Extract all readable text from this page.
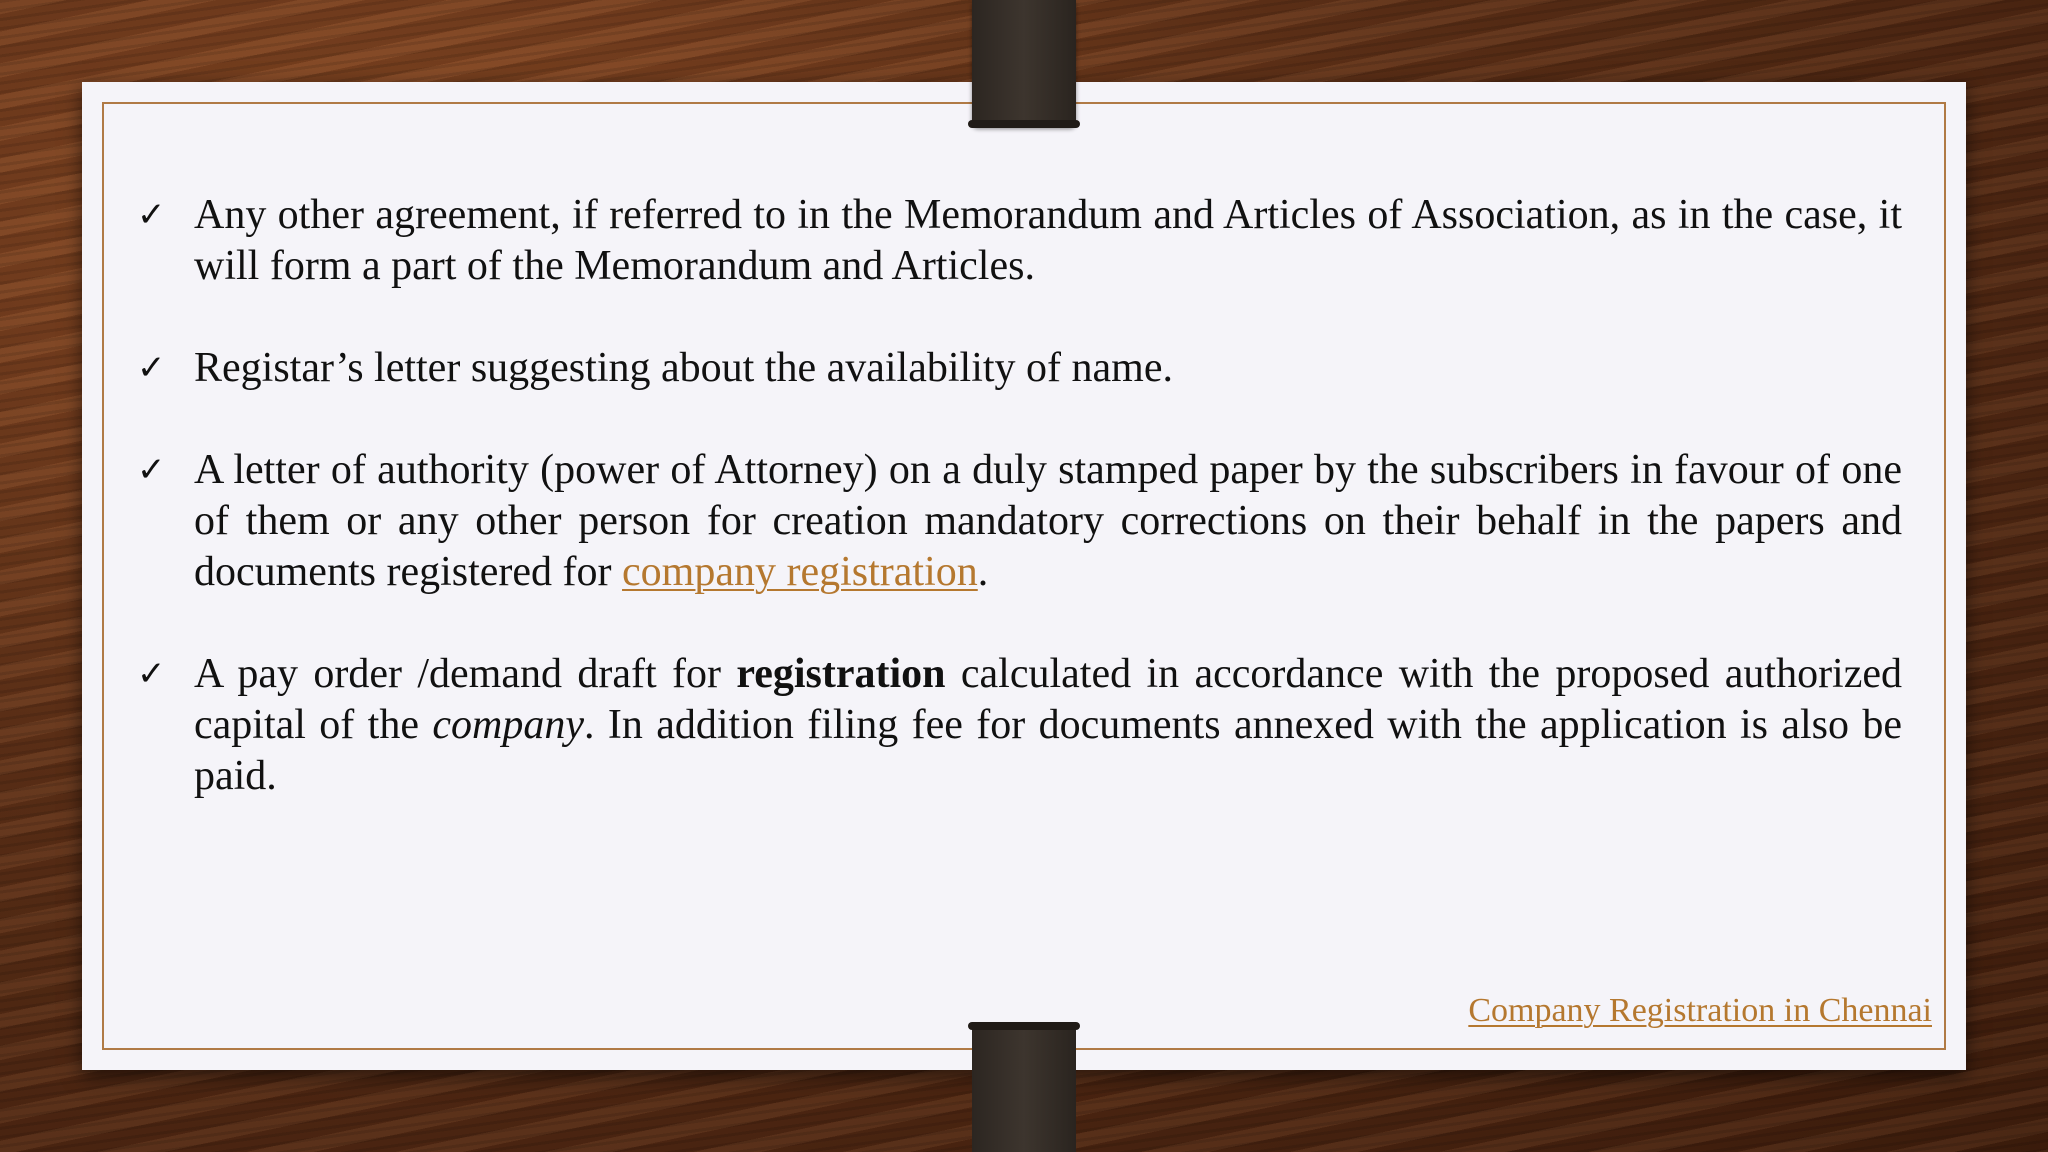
✓ Any other agreement, if referred to in the Memorandum and Articles of Association, as in the case, it will form a part of the Memorandum and Articles.
✓ Registar’s letter suggesting about the availability of name.
✓ A letter of authority (power of Attorney) on a duly stamped paper by the subscribers in favour of one of them or any other person for creation mandatory corrections on their behalf in the papers and documents registered for company registration.
✓ A pay order /demand draft for registration calculated in accordance with the proposed authorized capital of the company. In addition filing fee for documents annexed with the application is also be paid.
Company Registration in Chennai
